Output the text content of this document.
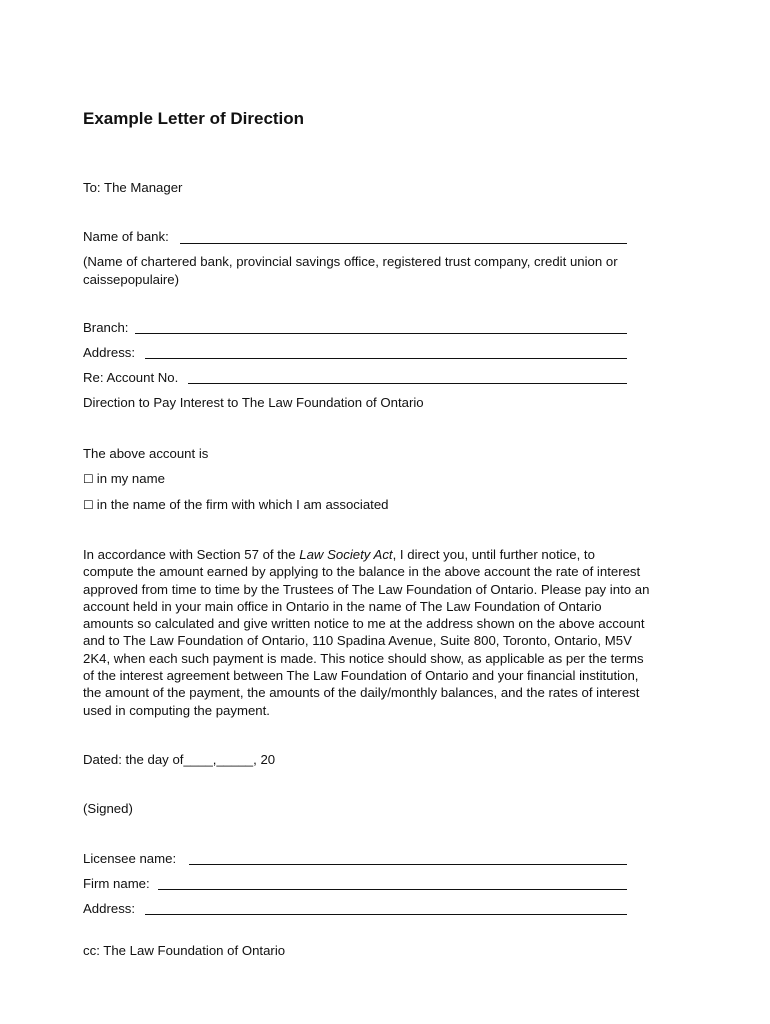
Example Letter of Direction
To: The Manager
Name of bank:
(Name of chartered bank, provincial savings office, registered trust company, credit union or
caissepopulaire)
Branch:
Address:
Re: Account No.
Direction to Pay Interest to The Law Foundation of Ontario
The above account is
☐ in my name
☐ in the name of the firm with which I am associated
In accordance with Section 57 of the Law Society Act, I direct you, until further notice, to
compute the amount earned by applying to the balance in the above account the rate of interest
approved from time to time by the Trustees of The Law Foundation of Ontario. Please pay into an
account held in your main office in Ontario in the name of The Law Foundation of Ontario
amounts so calculated and give written notice to me at the address shown on the above account
and to The Law Foundation of Ontario, 110 Spadina Avenue, Suite 800, Toronto, Ontario, M5V
2K4, when each such payment is made. This notice should show, as applicable as per the terms
of the interest agreement between The Law Foundation of Ontario and your financial institution,
the amount of the payment, the amounts of the daily/monthly balances, and the rates of interest
used in computing the payment.
Dated: the day of____,_____, 20
(Signed)
Licensee name:
Firm name:
Address:
cc: The Law Foundation of Ontario
